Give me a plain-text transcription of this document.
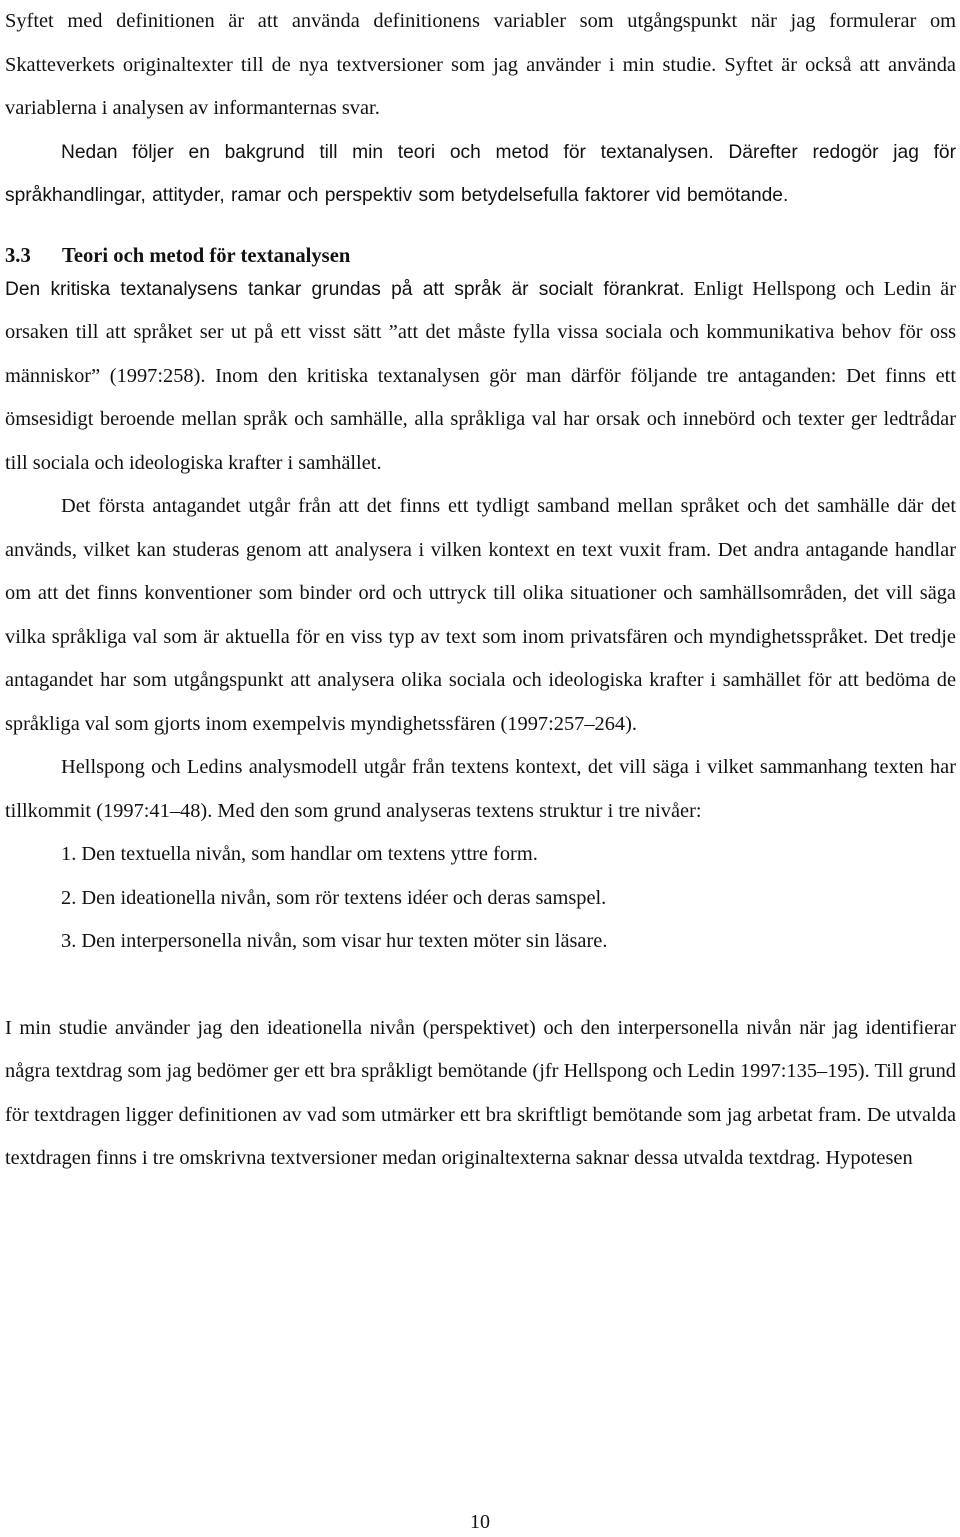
Syftet med definitionen är att använda definitionens variabler som utgångspunkt när jag formulerar om Skatteverkets originaltexter till de nya textversioner som jag använder i min studie. Syftet är också att använda variablerna i analysen av informanternas svar.

Nedan följer en bakgrund till min teori och metod för textanalysen. Därefter redogör jag för språkhandlingar, attityder, ramar och perspektiv som betydelsefulla faktorer vid bemötande.

3.3 Teori och metod för textanalysen

Den kritiska textanalysens tankar grundas på att språk är socialt förankrat. Enligt Hellspong och Ledin är orsaken till att språket ser ut på ett visst sätt ”att det måste fylla vissa sociala och kommunikativa behov för oss människor” (1997:258). Inom den kritiska textanalysen gör man därför följande tre antaganden: Det finns ett ömsesidigt beroende mellan språk och samhälle, alla språkliga val har orsak och innebörd och texter ger ledtrådar till sociala och ideologiska krafter i samhället.

Det första antagandet utgår från att det finns ett tydligt samband mellan språket och det samhälle där det används, vilket kan studeras genom att analysera i vilken kontext en text vuxit fram. Det andra antagande handlar om att det finns konventioner som binder ord och uttryck till olika situationer och samhällsområden, det vill säga vilka språkliga val som är aktuella för en viss typ av text som inom privatsfären och myndighetsspråket. Det tredje antagandet har som utgångspunkt att analysera olika sociala och ideologiska krafter i samhället för att bedöma de språkliga val som gjorts inom exempelvis myndighetssfären (1997:257–264).

Hellspong och Ledins analysmodell utgår från textens kontext, det vill säga i vilket sammanhang texten har tillkommit (1997:41–48). Med den som grund analyseras textens struktur i tre nivåer:

1. Den textuella nivån, som handlar om textens yttre form.
2. Den ideationella nivån, som rör textens idéer och deras samspel.
3. Den interpersonella nivån, som visar hur texten möter sin läsare.

I min studie använder jag den ideationella nivån (perspektivet) och den interpersonella nivån när jag identifierar några textdrag som jag bedömer ger ett bra språkligt bemötande (jfr Hellspong och Ledin 1997:135–195). Till grund för textdragen ligger definitionen av vad som utmärker ett bra skriftligt bemötande som jag arbetat fram. De utvalda textdragen finns i tre omskrivna textversioner medan originaltexterna saknar dessa utvalda textdrag. Hypotesen

10
